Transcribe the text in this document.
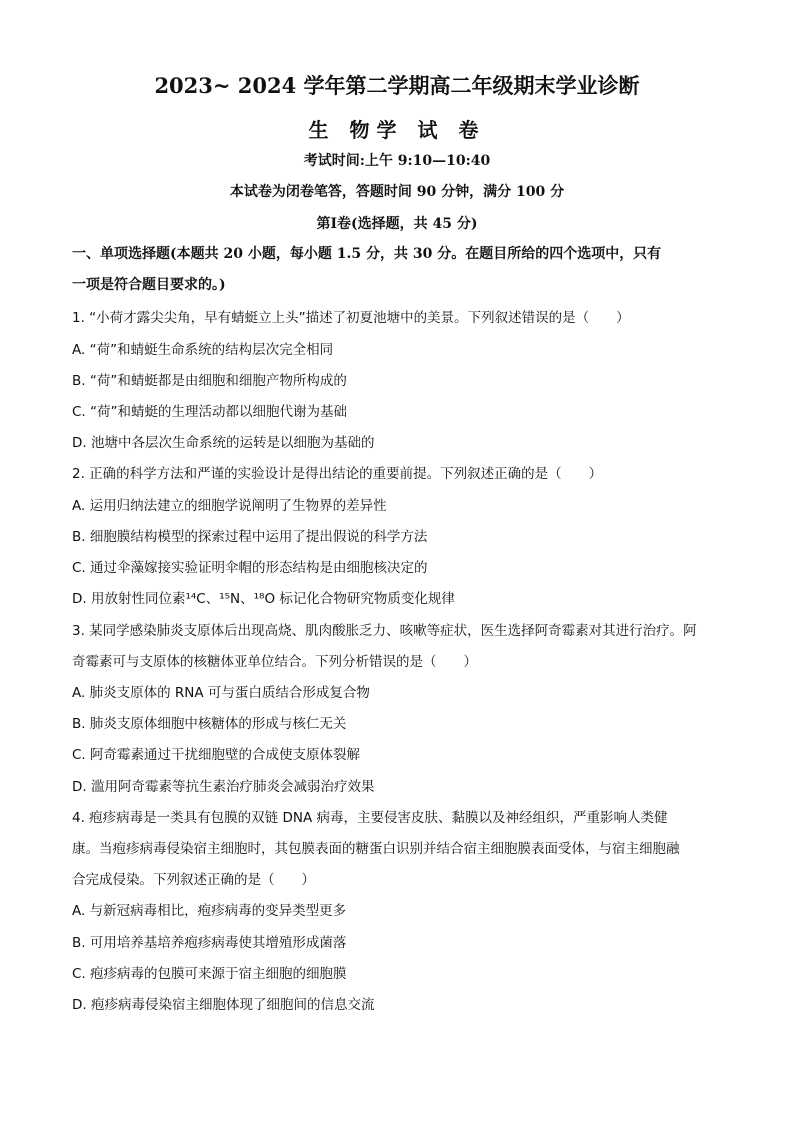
2023~ 2024 学年第二学期高二年级期末学业诊断
生 物学 试 卷
考试时间:上午 9:10—10:40
本试卷为闭卷笔答，答题时间 90 分钟，满分 100 分
第Ⅰ卷(选择题，共 45 分)
一、单项选择题(本题共 20 小题，每小题 1.5 分，共 30 分。在题目所给的四个选项中，只有
一项是符合题目要求的。)
1. “小荷才露尖尖角，早有蜻蜓立上头”描述了初夏池塘中的美景。下列叙述错误的是（　　）
A. “荷”和蜻蜓生命系统的结构层次完全相同
B. “荷”和蜻蜓都是由细胞和细胞产物所构成的
C. “荷”和蜻蜓的生理活动都以细胞代谢为基础
D. 池塘中各层次生命系统的运转是以细胞为基础的
2. 正确的科学方法和严谨的实验设计是得出结论的重要前提。下列叙述正确的是（　　）
A. 运用归纳法建立的细胞学说阐明了生物界的差异性
B. 细胞膜结构模型的探索过程中运用了提出假说的科学方法
C. 通过伞藻嫁接实验证明伞帽的形态结构是由细胞核决定的
D. 用放射性同位素¹⁴C、¹⁵N、¹⁸O 标记化合物研究物质变化规律
3. 某同学感染肺炎支原体后出现高烧、肌肉酸胀乏力、咳嗽等症状，医生选择阿奇霉素对其进行治疗。阿
奇霉素可与支原体的核糖体亚单位结合。下列分析错误的是（　　）
A. 肺炎支原体的 RNA 可与蛋白质结合形成复合物
B. 肺炎支原体细胞中核糖体的形成与核仁无关
C. 阿奇霉素通过干扰细胞壁的合成使支原体裂解
D. 滥用阿奇霉素等抗生素治疗肺炎会减弱治疗效果
4. 疱疹病毒是一类具有包膜的双链 DNA 病毒，主要侵害皮肤、黏膜以及神经组织，严重影响人类健
康。当疱疹病毒侵染宿主细胞时，其包膜表面的糖蛋白识别并结合宿主细胞膜表面受体，与宿主细胞融
合完成侵染。下列叙述正确的是（　　）
A. 与新冠病毒相比，疱疹病毒的变异类型更多
B. 可用培养基培养疱疹病毒使其增殖形成菌落
C. 疱疹病毒的包膜可来源于宿主细胞的细胞膜
D. 疱疹病毒侵染宿主细胞体现了细胞间的信息交流
